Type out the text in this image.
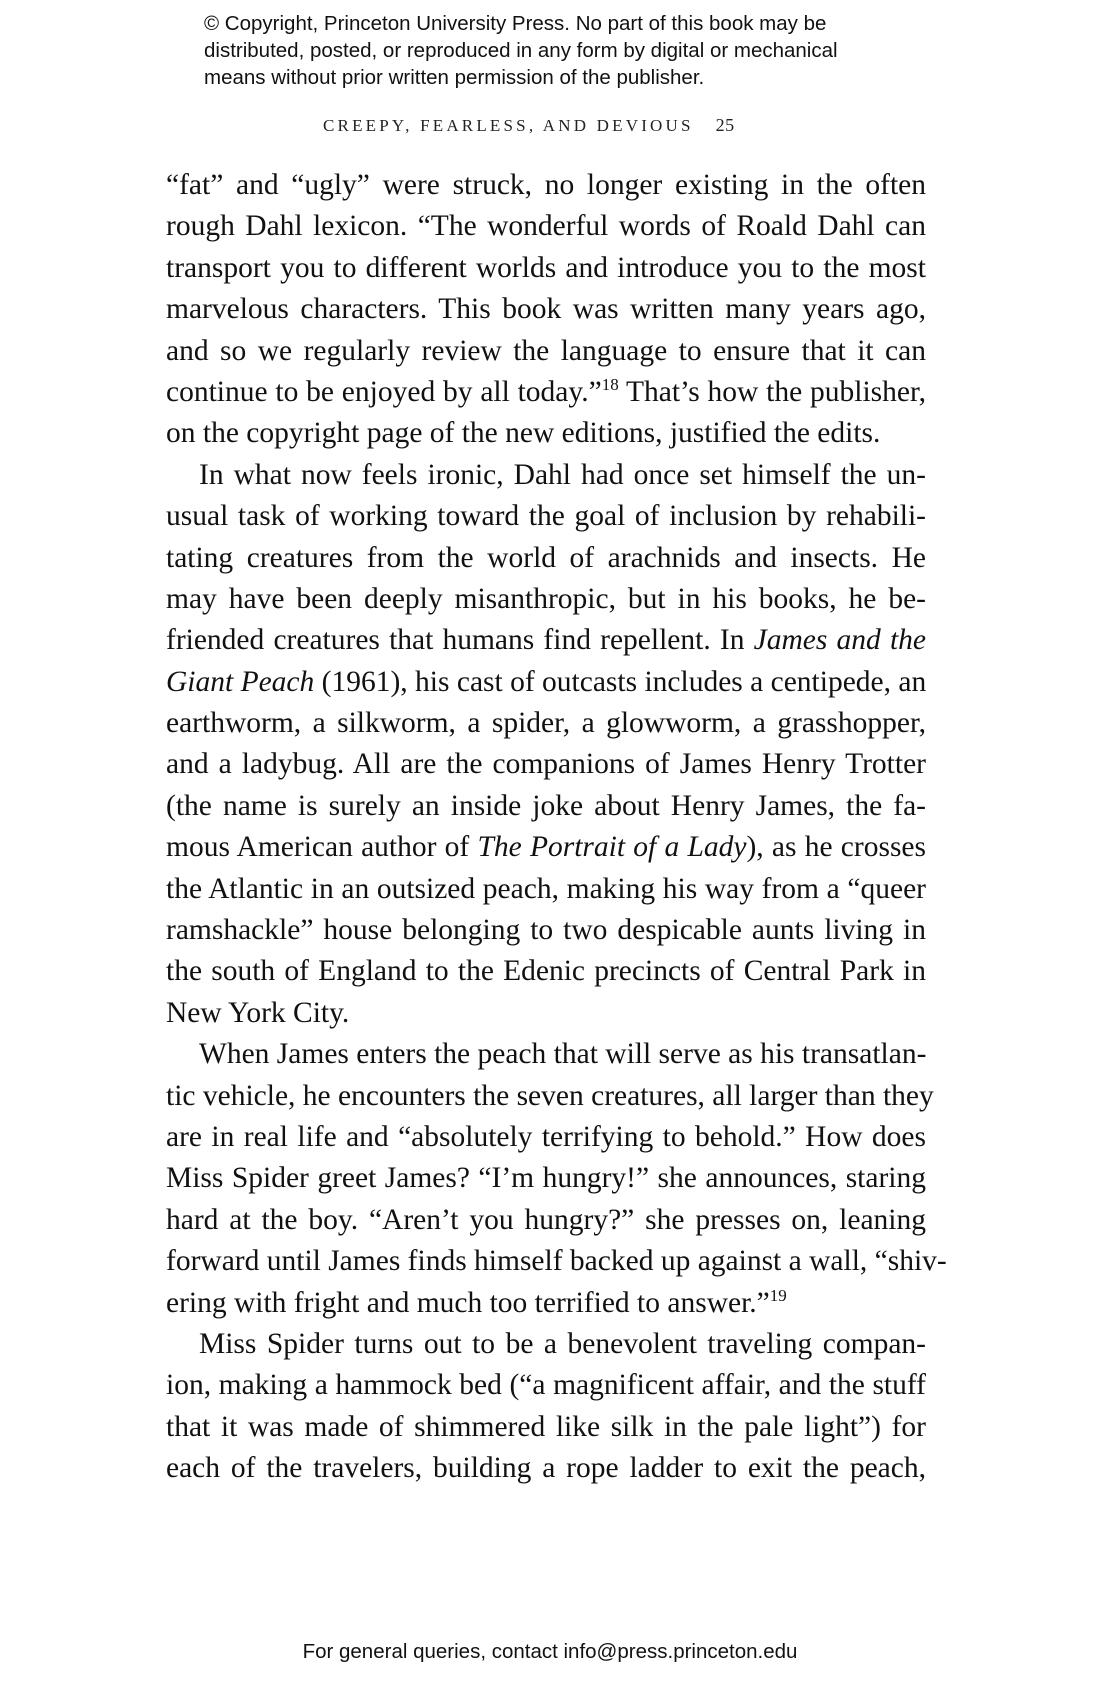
© Copyright, Princeton University Press. No part of this book may be
distributed, posted, or reproduced in any form by digital or mechanical
means without prior written permission of the publisher.
CREEPY, FEARLESS, AND DEVIOUS 25

“fat” and “ugly” were struck, no longer existing in the often
rough Dahl lexicon. “The wonderful words of Roald Dahl can
transport you to different worlds and introduce you to the most
marvelous characters. This book was written many years ago,
and so we regularly review the language to ensure that it can
continue to be enjoyed by all today.”$^{18}$ That’s how the publisher,
on the copyright page of the new editions, justified the edits.

In what now feels ironic, Dahl had once set himself the un-
usual task of working toward the goal of inclusion by rehabili-
tating creatures from the world of arachnids and insects. He
may have been deeply misanthropic, but in his books, he be-
friended creatures that humans find repellent. In James and the
Giant Peach (1961), his cast of outcasts includes a centipede, an
earthworm, a silkworm, a spider, a glowworm, a grasshopper,
and a ladybug. All are the companions of James Henry Trotter
(the name is surely an inside joke about Henry James, the fa-
mous American author of The Portrait of a Lady), as he crosses
the Atlantic in an outsized peach, making his way from a “queer
ramshackle” house belonging to two despicable aunts living in
the south of England to the Edenic precincts of Central Park in
New York City.

When James enters the peach that will serve as his transatlan-
tic vehicle, he encounters the seven creatures, all larger than they
are in real life and “absolutely terrifying to behold.” How does
Miss Spider greet James? “I’m hungry!” she announces, staring
hard at the boy. “Aren’t you hungry?” she presses on, leaning
forward until James finds himself backed up against a wall, “shiv-
ering with fright and much too terrified to answer.”$^{19}$

Miss Spider turns out to be a benevolent traveling compan-
ion, making a hammock bed (“a magnificent affair, and the stuff
that it was made of shimmered like silk in the pale light”) for
each of the travelers, building a rope ladder to exit the peach,

For general queries, contact info@press.princeton.edu
